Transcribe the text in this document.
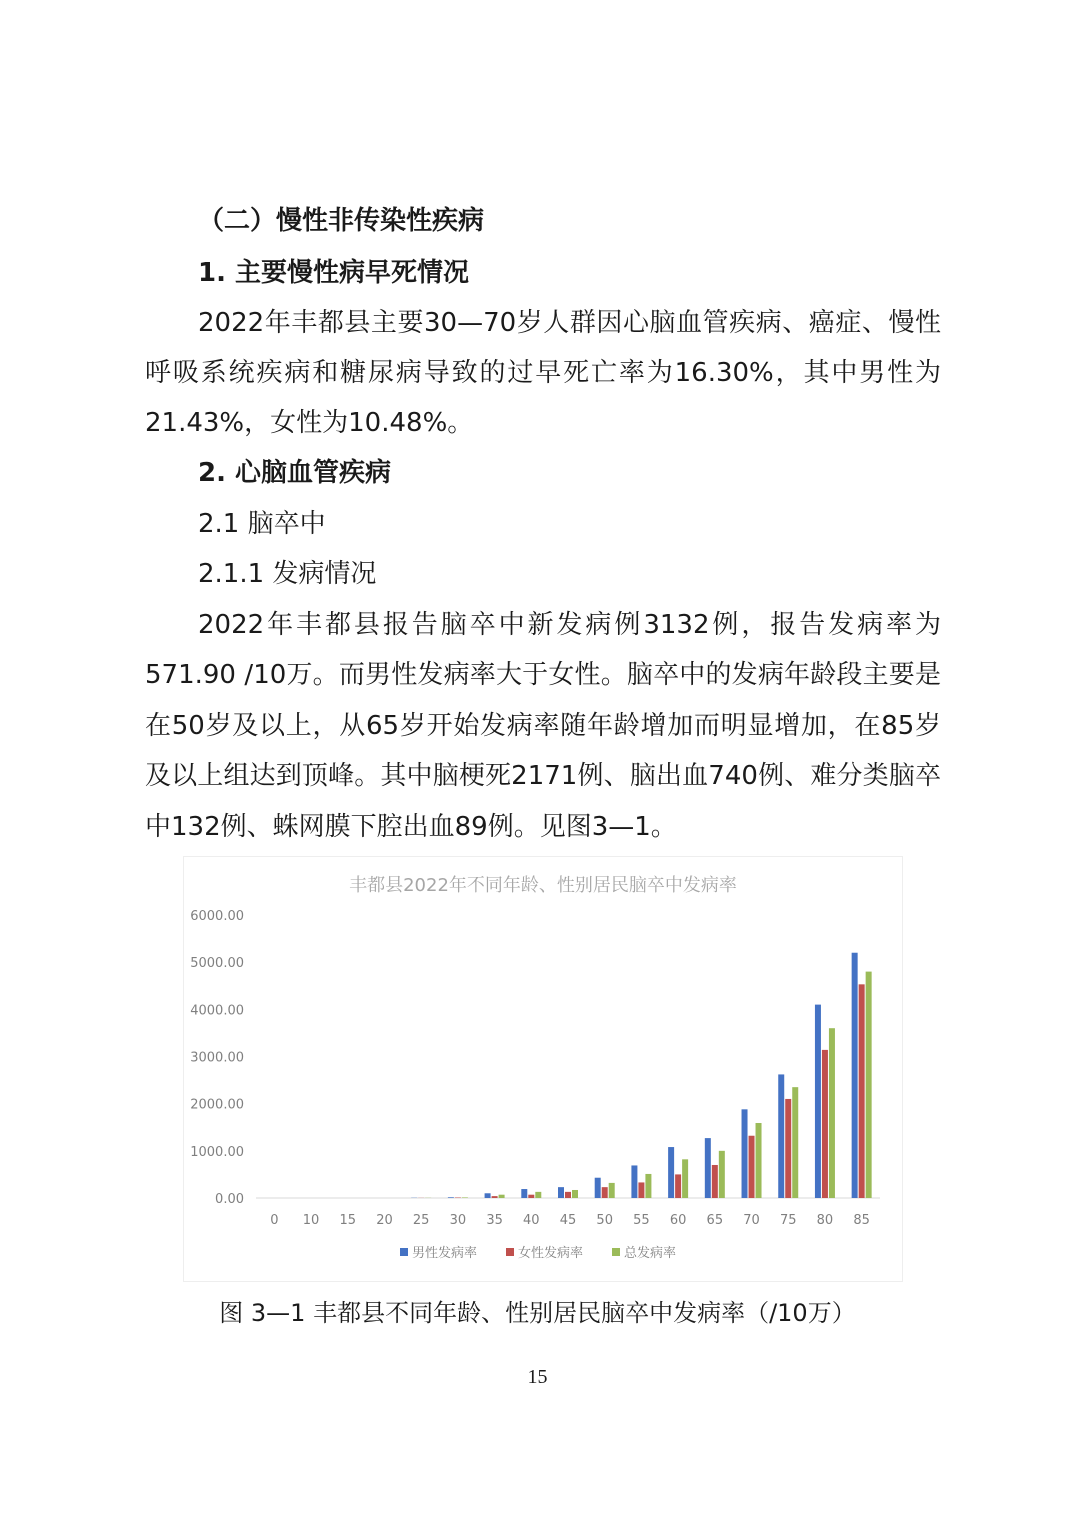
（二）慢性非传染性疾病
1. 主要慢性病早死情况
2022年丰都县主要30—70岁人群因心脑血管疾病、癌症、慢性
呼吸系统疾病和糖尿病导致的过早死亡率为16.30%，其中男性为
21.43%，女性为10.48%。
2. 心脑血管疾病
2.1 脑卒中
2.1.1 发病情况
2022年丰都县报告脑卒中新发病例3132例，报告发病率为
571.90 /10万。而男性发病率大于女性。脑卒中的发病年龄段主要是
在50岁及以上，从65岁开始发病率随年龄增加而明显增加，在85岁
及以上组达到顶峰。其中脑梗死2171例、脑出血740例、难分类脑卒
中132例、蛛网膜下腔出血89例。见图3—1。
丰都县2022年不同年龄、性别居民脑卒中发病率
0.00
1000.00
2000.00
3000.00
4000.00
5000.00
6000.00
0 10 15 20 25 30 35 40 45 50 55 60 65 70 75 80 85
男性发病率	女性发病率	总发病率
图 3—1 丰都县不同年龄、性别居民脑卒中发病率（/10万）
15
